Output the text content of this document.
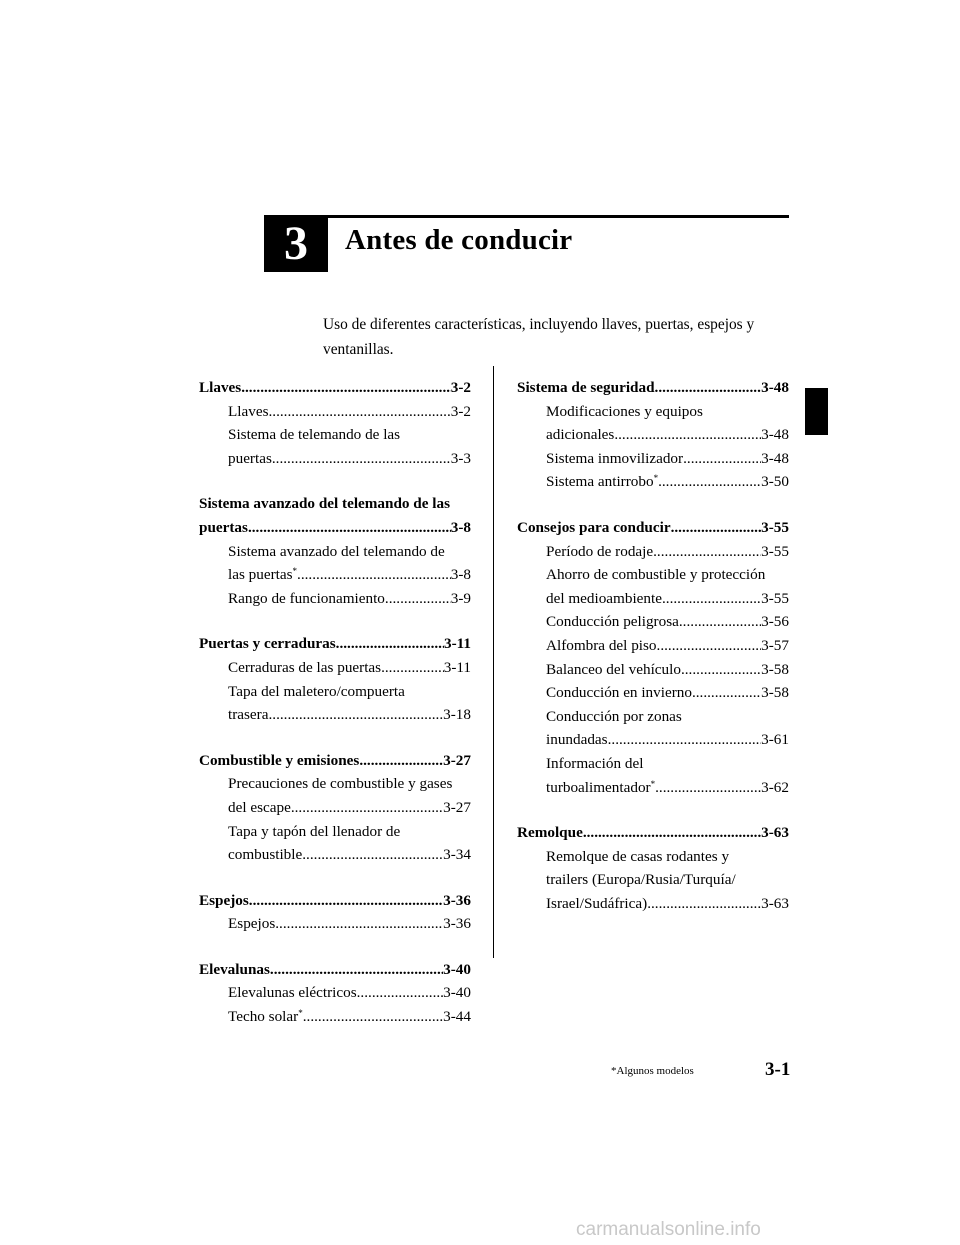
3 Antes de conducir
Uso de diferentes características, incluyendo llaves, puertas, espejos y ventanillas.
Llaves .....	3-2
Llaves .....	3-2
Sistema de telemando de las
puertas .....	3-3
Sistema avanzado del telemando de las
puertas .....	3-8
Sistema avanzado del telemando de
las puertas* .....	3-8
Rango de funcionamiento .....	3-9
Puertas y cerraduras .....	3-11
Cerraduras de las puertas .....	3-11
Tapa del maletero/compuerta
trasera .....	3-18
Combustible y emisiones .....	3-27
Precauciones de combustible y gases
del escape .....	3-27
Tapa y tapón del llenador de
combustible .....	3-34
Espejos .....	3-36
Espejos .....	3-36
Elevalunas .....	3-40
Elevalunas eléctricos .....	3-40
Techo solar* .....	3-44
Sistema de seguridad .....	3-48
Modificaciones y equipos
adicionales .....	3-48
Sistema inmovilizador .....	3-48
Sistema antirrobo* .....	3-50
Consejos para conducir .....	3-55
Período de rodaje .....	3-55
Ahorro de combustible y protección
del medioambiente .....	3-55
Conducción peligrosa .....	3-56
Alfombra del piso .....	3-57
Balanceo del vehículo .....	3-58
Conducción en invierno .....	3-58
Conducción por zonas
inundadas .....	3-61
Información del
turboalimentador* .....	3-62
Remolque .....	3-63
Remolque de casas rodantes y
trailers (Europa/Rusia/Turquía/
Israel/Sudáfrica) .....	3-63
*Algunos modelos	3-1
carmanualsonline.info
